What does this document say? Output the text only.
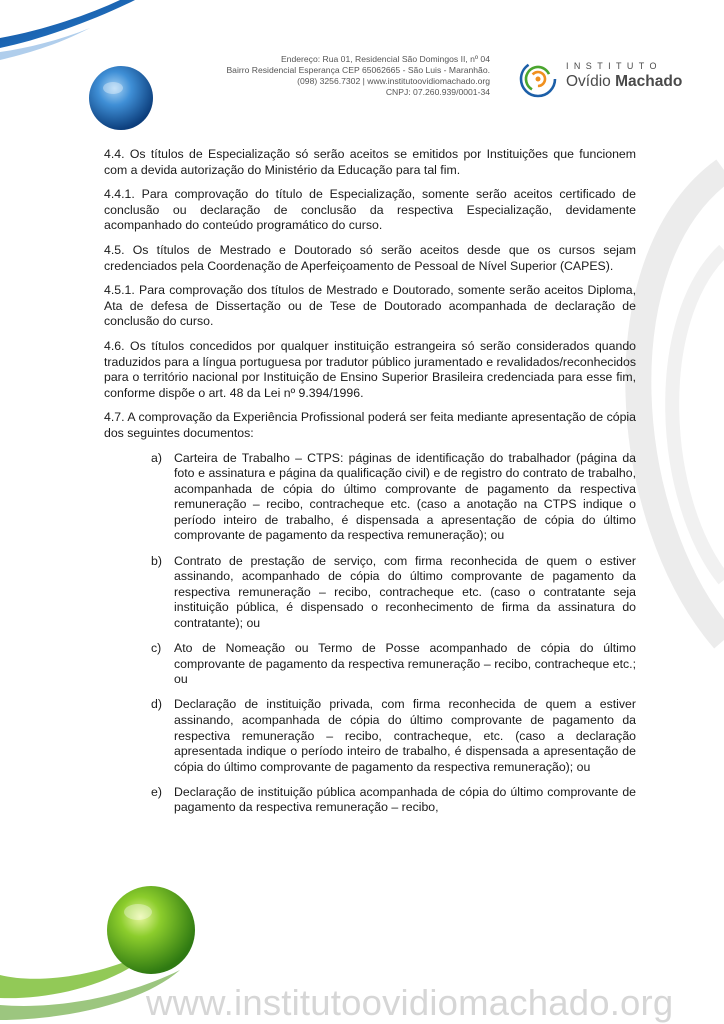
Endereço: Rua 01, Residencial São Domingos II, nº 04
Bairro Residencial Esperança CEP 65062665 - São Luis - Maranhão.
(098) 3256.7302 | www.institutoovidiomachado.org
CNPJ: 07.260.939/0001-34
INSTITUTO
Ovídio Machado

4.4. Os títulos de Especialização só serão aceitos se emitidos por Instituições que funcionem com a devida autorização do Ministério da Educação para tal fim.

4.4.1. Para comprovação do título de Especialização, somente serão aceitos certificado de conclusão ou declaração de conclusão da respectiva Especialização, devidamente acompanhado do conteúdo programático do curso.

4.5. Os títulos de Mestrado e Doutorado só serão aceitos desde que os cursos sejam credenciados pela Coordenação de Aperfeiçoamento de Pessoal de Nível Superior (CAPES).

4.5.1. Para comprovação dos títulos de Mestrado e Doutorado, somente serão aceitos Diploma, Ata de defesa de Dissertação ou de Tese de Doutorado acompanhada de declaração de conclusão do curso.

4.6. Os títulos concedidos por qualquer instituição estrangeira só serão considerados quando traduzidos para a língua portuguesa por tradutor público juramentado e revalidados/reconhecidos para o território nacional por Instituição de Ensino Superior Brasileira credenciada para esse fim, conforme dispõe o art. 48 da Lei nº 9.394/1996.

4.7. A comprovação da Experiência Profissional poderá ser feita mediante apresentação de cópia dos seguintes documentos:

a) Carteira de Trabalho – CTPS: páginas de identificação do trabalhador (página da foto e assinatura e página da qualificação civil) e de registro do contrato de trabalho, acompanhada de cópia do último comprovante de pagamento da respectiva remuneração – recibo, contracheque etc. (caso a anotação na CTPS indique o período inteiro de trabalho, é dispensada a apresentação de cópia do último comprovante de pagamento da respectiva remuneração); ou
b) Contrato de prestação de serviço, com firma reconhecida de quem o estiver assinando, acompanhado de cópia do último comprovante de pagamento da respectiva remuneração – recibo, contracheque etc. (caso o contratante seja instituição pública, é dispensado o reconhecimento de firma da assinatura do contratante); ou
c) Ato de Nomeação ou Termo de Posse acompanhado de cópia do último comprovante de pagamento da respectiva remuneração – recibo, contracheque etc.; ou
d) Declaração de instituição privada, com firma reconhecida de quem a estiver assinando, acompanhada de cópia do último comprovante de pagamento da respectiva remuneração – recibo, contracheque, etc. (caso a declaração apresentada indique o período inteiro de trabalho, é dispensada a apresentação de cópia do último comprovante de pagamento da respectiva remuneração); ou
e) Declaração de instituição pública acompanhada de cópia do último comprovante de pagamento da respectiva remuneração – recibo,
www.institutoovidiomachado.org
